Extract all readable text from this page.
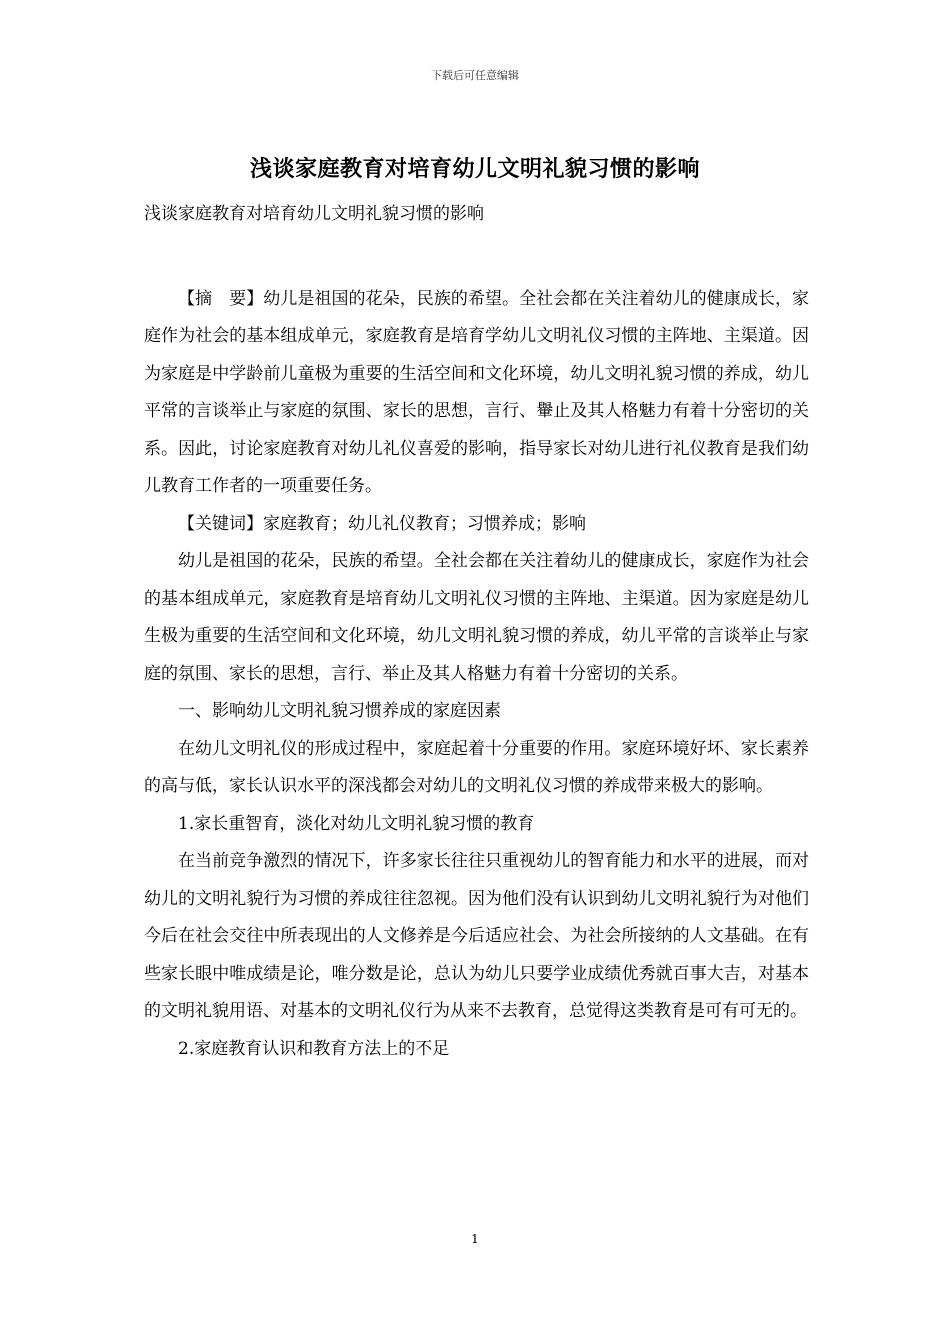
下载后可任意编辑
浅谈家庭教育对培育幼儿文明礼貌习惯的影响

浅谈家庭教育对培育幼儿文明礼貌习惯的影响

【摘　要】幼儿是祖国的花朵，民族的希望。全社会都在关注着幼儿的健康成长，家庭作为社会的基本组成单元，家庭教育是培育学幼儿文明礼仪习惯的主阵地、主渠道。因为家庭是中学龄前儿童极为重要的生活空间和文化环境，幼儿文明礼貌习惯的养成，幼儿平常的言谈举止与家庭的氛围、家长的思想，言行、轝止及其人格魅力有着十分密切的关系。因此，讨论家庭教育对幼儿礼仪喜爱的影响，指导家长对幼儿进行礼仪教育是我们幼儿教育工作者的一项重要任务。

【关键词】家庭教育；幼儿礼仪教育；习惯养成；影响

幼儿是祖国的花朵，民族的希望。全社会都在关注着幼儿的健康成长，家庭作为社会的基本组成单元，家庭教育是培育幼儿文明礼仪习惯的主阵地、主渠道。因为家庭是幼儿生极为重要的生活空间和文化环境，幼儿文明礼貌习惯的养成，幼儿平常的言谈举止与家庭的氛围、家长的思想，言行、举止及其人格魅力有着十分密切的关系。

一、影响幼儿文明礼貌习惯养成的家庭因素

在幼儿文明礼仪的形成过程中，家庭起着十分重要的作用。家庭环境好坏、家长素养的高与低，家长认识水平的深浅都会对幼儿的文明礼仪习惯的养成带来极大的影响。

1.家长重智育，淡化对幼儿文明礼貌习惯的教育

在当前竞争激烈的情况下，许多家长往往只重视幼儿的智育能力和水平的进展，而对幼儿的文明礼貌行为习惯的养成往往忽视。因为他们没有认识到幼儿文明礼貌行为对他们今后在社会交往中所表现出的人文修养是今后适应社会、为社会所接纳的人文基础。在有些家长眼中唯成绩是论，唯分数是论，总认为幼儿只要学业成绩优秀就百事大吉，对基本的文明礼貌用语、对基本的文明礼仪行为从来不去教育，总觉得这类教育是可有可无的。

2.家庭教育认识和教育方法上的不足

1
